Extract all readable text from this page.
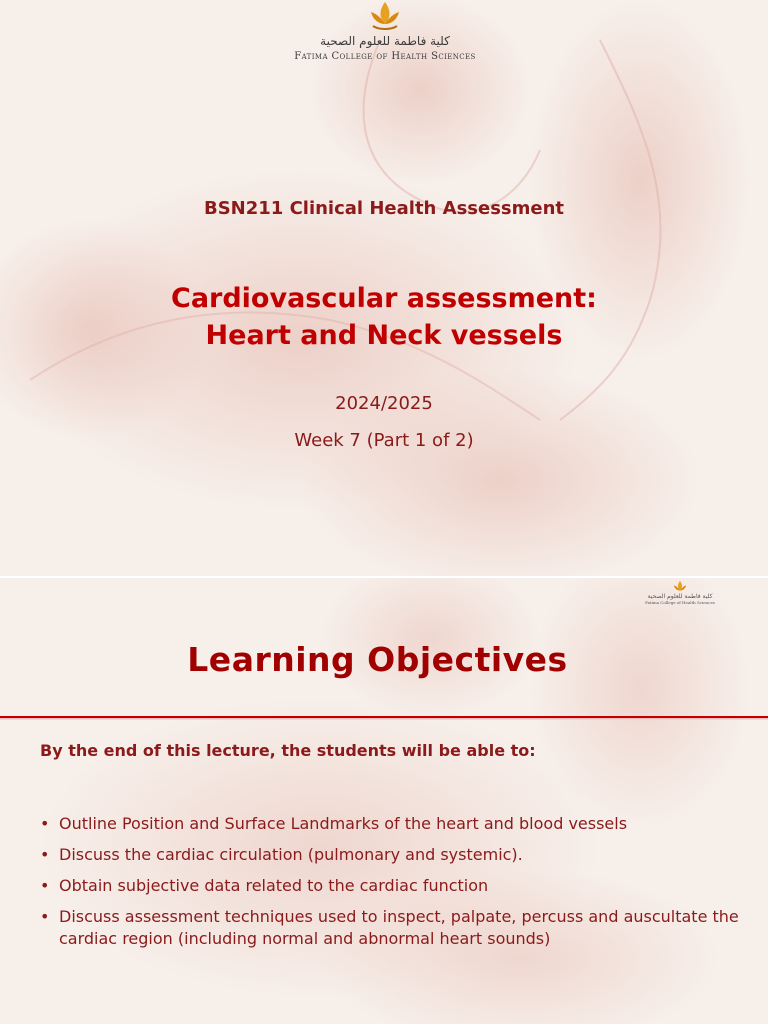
كلية فاطمة للعلوم الصحية
Fatima College of Health Sciences
BSN211 Clinical Health Assessment
Cardiovascular assessment:
Heart and Neck vessels
2024/2025
Week 7 (Part 1 of 2)
كلية فاطمة للعلوم الصحية
Fatima College of Health Sciences
Learning Objectives
By the end of this lecture, the students will be able to:
• Outline Position and Surface Landmarks of the heart and blood vessels
• Discuss the cardiac circulation (pulmonary and systemic).
• Obtain subjective data related to the cardiac function
• Discuss assessment techniques used to inspect, palpate, percuss and auscultate the cardiac region (including normal and abnormal heart sounds)
